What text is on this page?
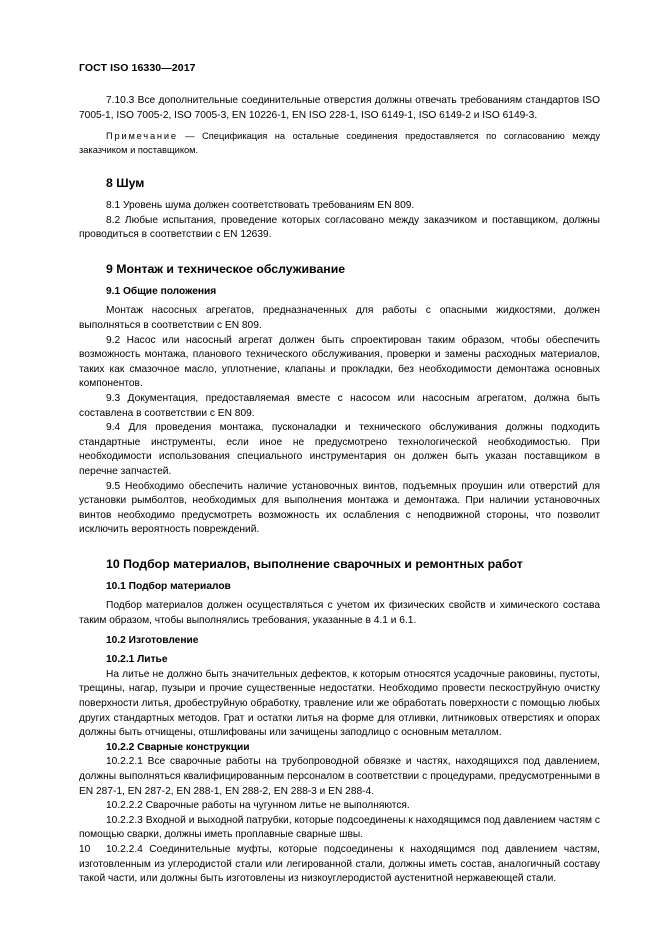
ГОСТ ISO 16330—2017

7.10.3 Все дополнительные соединительные отверстия должны отвечать требованиям стандартов ISO 7005-1, ISO 7005-2, ISO 7005-3, EN 10226-1, EN ISO 228-1, ISO 6149-1, ISO 6149-2 и ISO 6149-3.

Примечание — Спецификация на остальные соединения предоставляется по согласованию между заказчиком и поставщиком.

8 Шум

8.1 Уровень шума должен соответствовать требованиям EN 809.

8.2 Любые испытания, проведение которых согласовано между заказчиком и поставщиком, должны проводиться в соответствии с EN 12639.

9 Монтаж и техническое обслуживание
9.1 Общие положения

Монтаж насосных агрегатов, предназначенных для работы с опасными жидкостями, должен выполняться в соответствии с EN 809.

9.2 Насос или насосный агрегат должен быть спроектирован таким образом, чтобы обеспечить возможность монтажа, планового технического обслуживания, проверки и замены расходных материалов, таких как смазочное масло, уплотнение, клапаны и прокладки, без необходимости демонтажа основных компонентов.

9.3 Документация, предоставляемая вместе с насосом или насосным агрегатом, должна быть составлена в соответствии с EN 809.

9.4 Для проведения монтажа, пусконаладки и технического обслуживания должны подходить стандартные инструменты, если иное не предусмотрено технологической необходимостью. При необходимости использования специального инструментария он должен быть указан поставщиком в перечне запчастей.

9.5 Необходимо обеспечить наличие установочных винтов, подъемных проушин или отверстий для установки рымболтов, необходимых для выполнения монтажа и демонтажа. При наличии установочных винтов необходимо предусмотреть возможность их ослабления с неподвижной стороны, что позволит исключить вероятность повреждений.

10 Подбор материалов, выполнение сварочных и ремонтных работ
10.1 Подбор материалов

Подбор материалов должен осуществляться с учетом их физических свойств и химического состава таким образом, чтобы выполнялись требования, указанные в 4.1 и 6.1.

10.2 Изготовление
10.2.1 Литье

На литье не должно быть значительных дефектов, к которым относятся усадочные раковины, пустоты, трещины, нагар, пузыри и прочие существенные недостатки. Необходимо провести пескоструйную очистку поверхности литья, дробеструйную обработку, травление или же обработать поверхности с помощью любых других стандартных методов. Грат и остатки литья на форме для отливки, литниковых отверстиях и опорах должны быть отчищены, отшлифованы или зачищены заподлицо с основным металлом.

10.2.2 Сварные конструкции

10.2.2.1 Все сварочные работы на трубопроводной обвязке и частях, находящихся под давлением, должны выполняться квалифицированным персоналом в соответствии с процедурами, предусмотренными в EN 287-1, EN 287-2, EN 288-1, EN 288-2, EN 288-3 и EN 288-4.

10.2.2.2 Сварочные работы на чугунном литье не выполняются.

10.2.2.3 Входной и выходной патрубки, которые подсоединены к находящимся под давлением частям с помощью сварки, должны иметь проплавные сварные швы.

10.2.2.4 Соединительные муфты, которые подсоединены к находящимся под давлением частям, изготовленным из углеродистой стали или легированной стали, должны иметь состав, аналогичный составу такой части, или должны быть изготовлены из низкоуглеродистой аустенитной нержавеющей стали.

10
